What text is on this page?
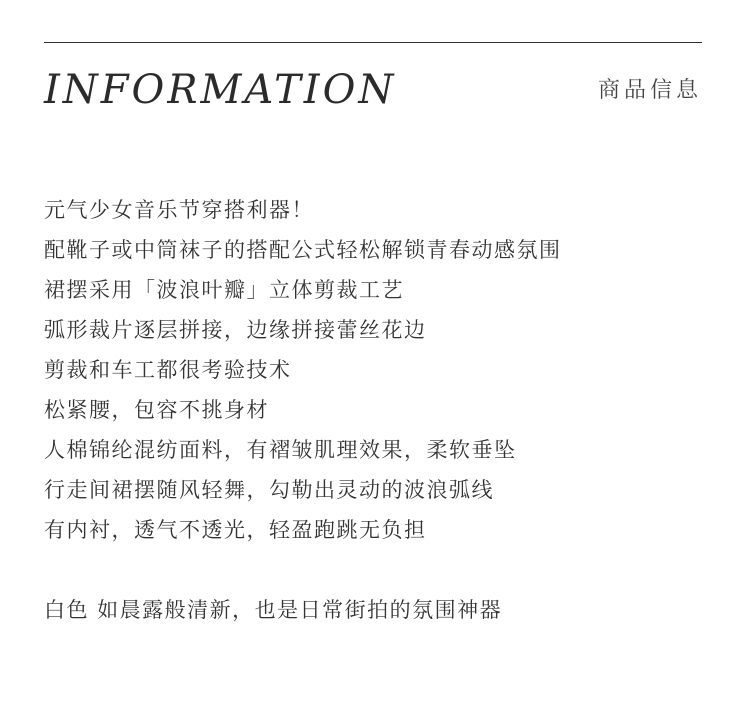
INFORMATION	商品信息
元气少女音乐节穿搭利器！
配靴子或中筒袜子的搭配公式轻松解锁青春动感氛围
裙摆采用「波浪叶瓣」立体剪裁工艺
弧形裁片逐层拼接，边缘拼接蕾丝花边
剪裁和车工都很考验技术
松紧腰，包容不挑身材
人棉锦纶混纺面料，有褶皱肌理效果，柔软垂坠
行走间裙摆随风轻舞，勾勒出灵动的波浪弧线
有内衬，透气不透光，轻盈跑跳无负担
白色 如晨露般清新，也是日常街拍的氛围神器
